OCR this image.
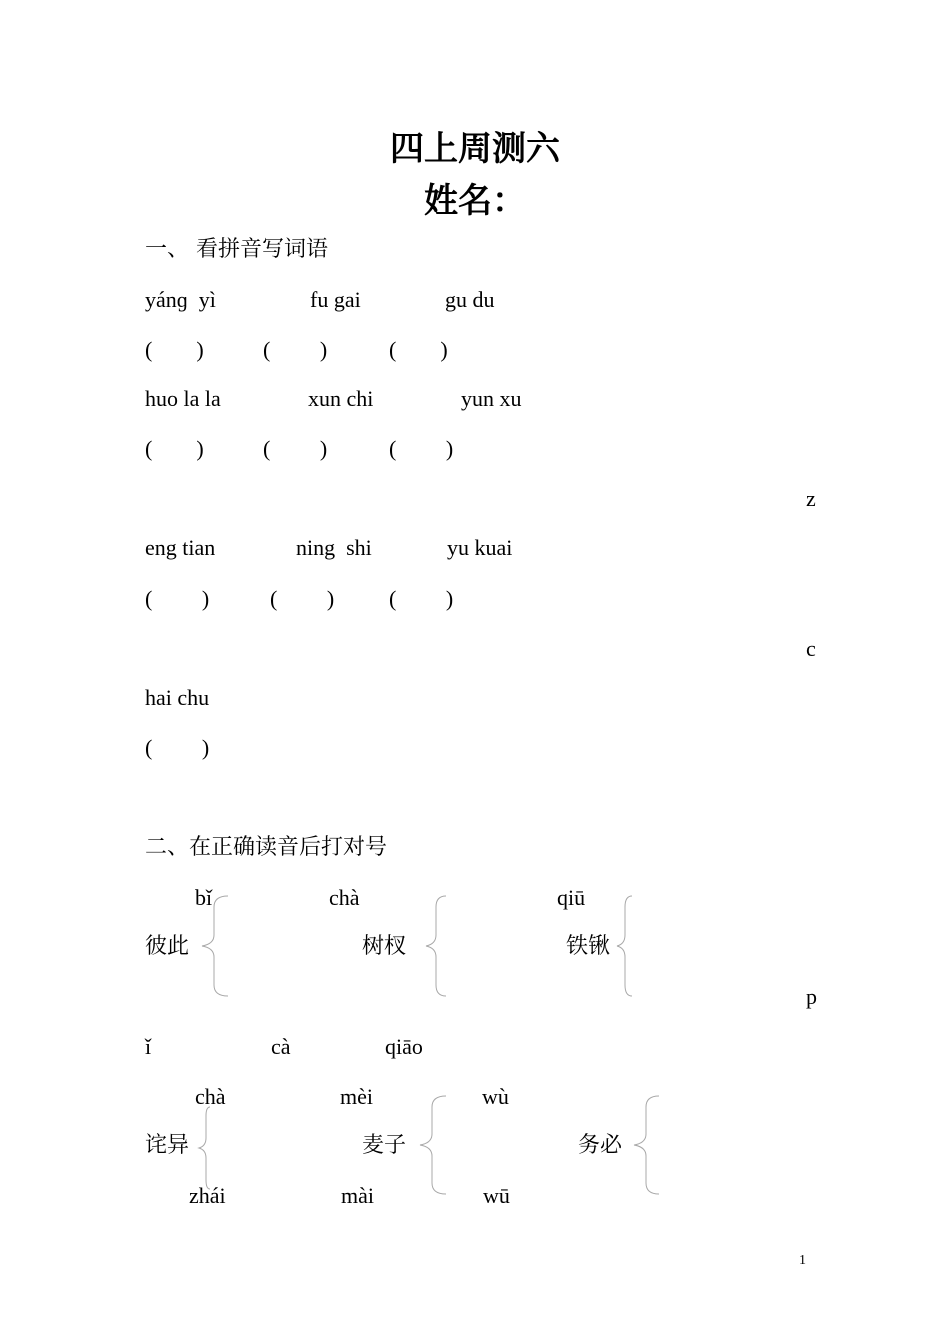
四上周测六
姓名：
一、 看拼音写词语
yánɡ  yì	fu gai	gu du
(        )	(         )	(        )
huo la la	xun chi	yun xu
(        )	(         )	(         )
z
eng tian	ning  shi	yu kuai
(         )	(         ) (         )
c
hai chu
(         )
二、在正确读音后打对号
bǐ	chà	qiū
彼此	树杈	铁锹
p
ǐ	cà	qiāo
chà	mèi	wù
诧异	麦子	务必
zhái	mài	wū
1
